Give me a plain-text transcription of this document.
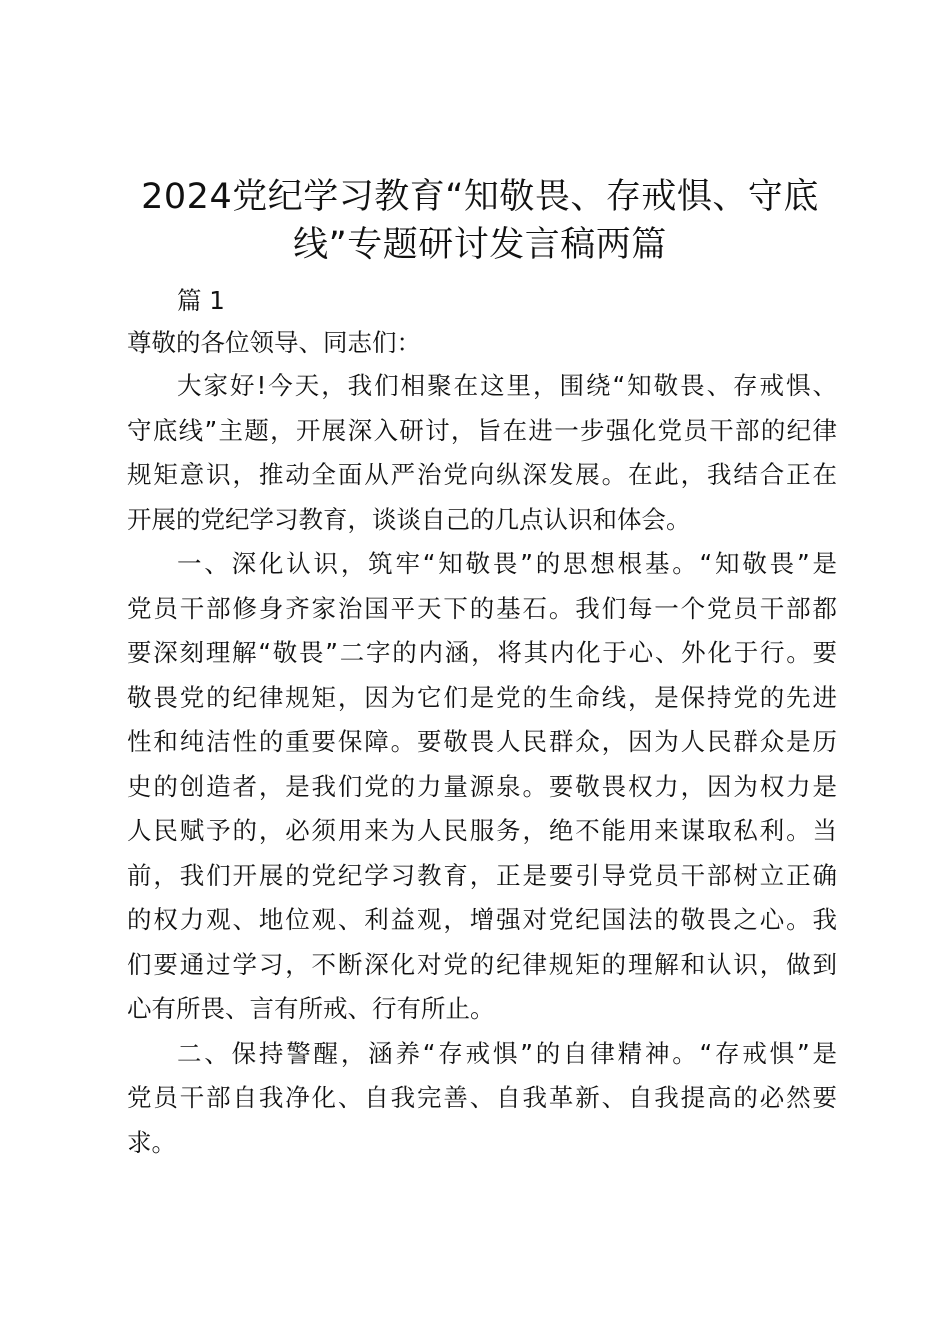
2024党纪学习教育“知敬畏、存戒惧、守底
线”专题研讨发言稿两篇

篇 1

尊敬的各位领导、同志们：

大家好!今天，我们相聚在这里，围绕“知敬畏、存戒惧、

守底线”主题，开展深入研讨，旨在进一步强化党员干部的纪律

规矩意识，推动全面从严治党向纵深发展。在此，我结合正在

开展的党纪学习教育，谈谈自己的几点认识和体会。

一、深化认识，筑牢“知敬畏”的思想根基。“知敬畏”是

党员干部修身齐家治国平天下的基石。我们每一个党员干部都

要深刻理解“敬畏”二字的内涵，将其内化于心、外化于行。要

敬畏党的纪律规矩，因为它们是党的生命线，是保持党的先进

性和纯洁性的重要保障。要敬畏人民群众，因为人民群众是历

史的创造者，是我们党的力量源泉。要敬畏权力，因为权力是

人民赋予的，必须用来为人民服务，绝不能用来谋取私利。当

前，我们开展的党纪学习教育，正是要引导党员干部树立正确

的权力观、地位观、利益观，增强对党纪国法的敬畏之心。我

们要通过学习，不断深化对党的纪律规矩的理解和认识，做到

心有所畏、言有所戒、行有所止。

二、保持警醒，涵养“存戒惧”的自律精神。“存戒惧”是

党员干部自我净化、自我完善、自我革新、自我提高的必然要

求。
